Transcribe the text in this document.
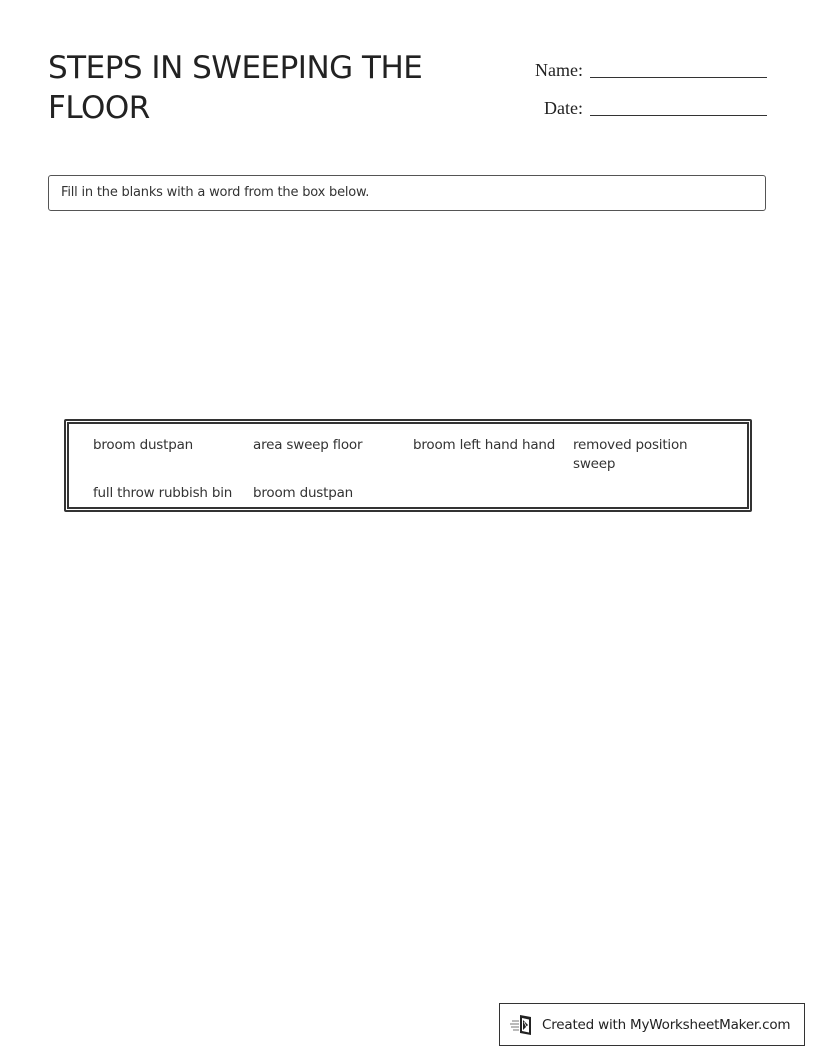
STEPS IN SWEEPING THE FLOOR
Name:
Date:
Fill in the blanks with a word from the box below.
broom dustpan	area sweep floor	broom left hand hand	removed position sweep
full throw rubbish bin	broom dustpan
Created with MyWorksheetMaker.com
